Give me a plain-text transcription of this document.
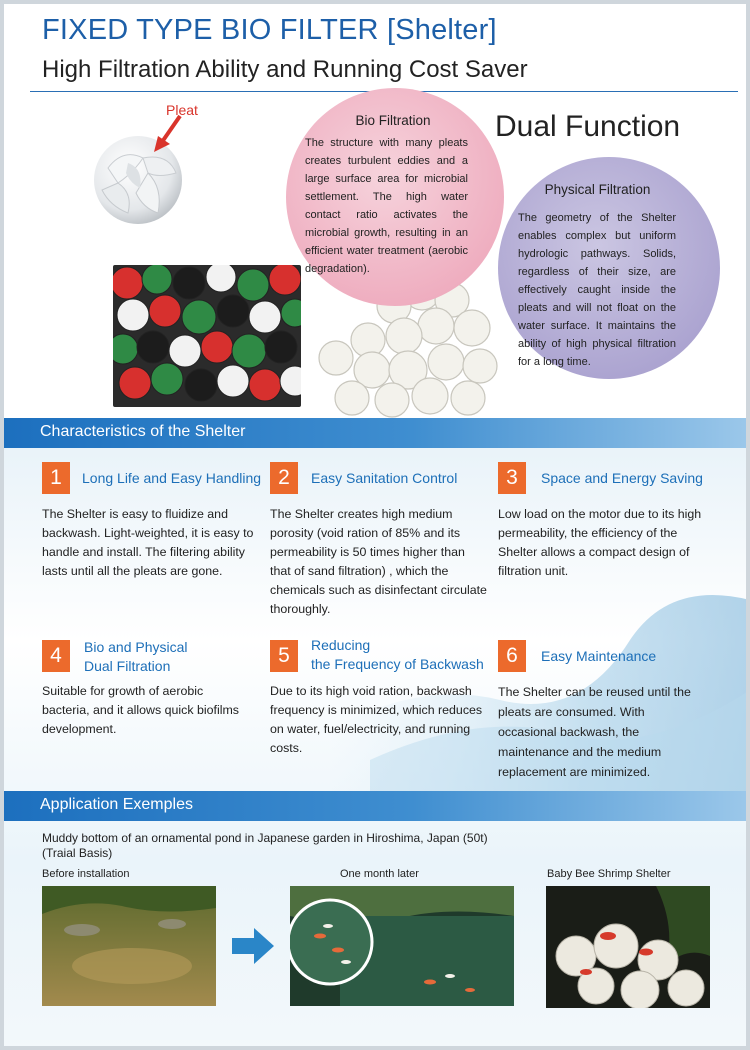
FIXED TYPE BIO FILTER [Shelter]
High Filtration Ability and Running Cost Saver
Pleat
Bio Filtration
The structure with many pleats creates turbulent eddies and a large surface area for microbial settlement. The high water contact ratio activates the microbial growth, resulting in an efficient water treatment (aerobic degradation).
Dual Function
Physical Filtration
The geometry of the Shelter enables complex but uniform hydrologic pathways. Solids, regardless of their size, are effectively caught inside the pleats and will not float on the water surface. It maintains the ability of high physical filtration for a long time.
Characteristics of the Shelter
1	Long Life and Easy Handling
The Shelter is easy to fluidize and backwash. Light-weighted, it is easy to handle and install. The filtering ability lasts until all the pleats are gone.
2	Easy Sanitation Control
The Shelter creates high medium porosity (void ration of 85% and its permeability is 50 times higher than that of sand filtration) , which the chemicals such as disinfectant circulate thoroughly.
3	Space and Energy Saving
Low load on the motor due to its high permeability, the efficiency of the Shelter allows a compact design of filtration unit.
4	Bio and Physical
Dual Filtration
Suitable for growth of aerobic bacteria, and it allows quick biofilms development.
5	Reducing
the Frequency of Backwash
Due to its high void ration, backwash frequency is minimized, which reduces on water, fuel/electricity, and running costs.
6	Easy Maintenance
The Shelter can be reused until the pleats are consumed. With occasional backwash, the maintenance and the medium replacement are minimized.
Application Exemples
Muddy bottom of an ornamental pond in Japanese garden in Hiroshima, Japan (50t)
(Traial Basis)
Before installation	One month later	Baby Bee Shrimp Shelter
